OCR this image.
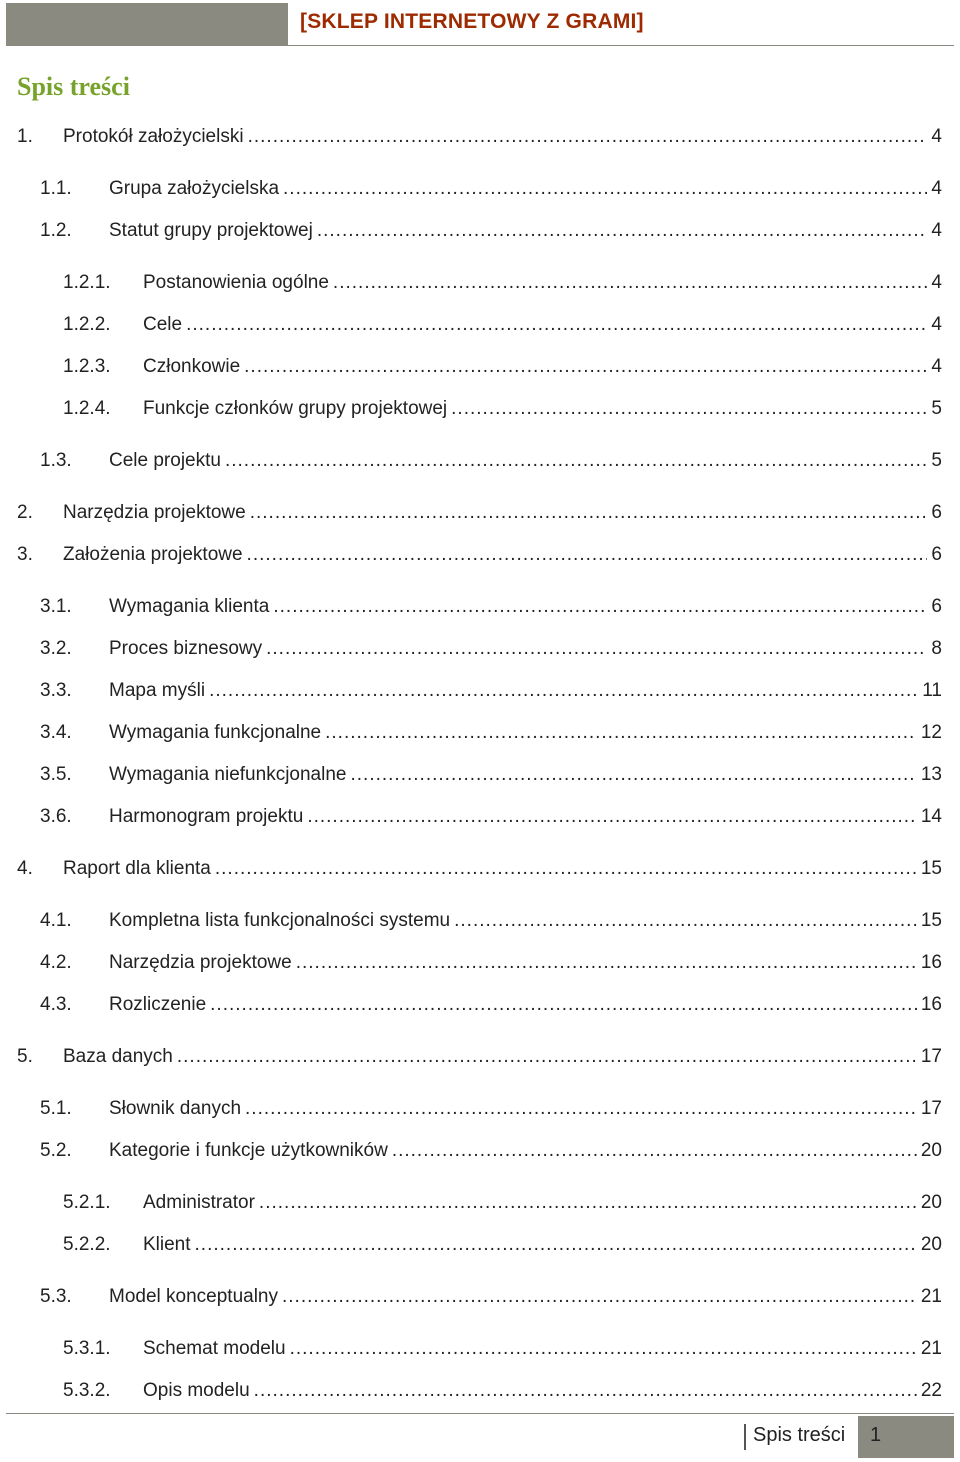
[SKLEP INTERNETOWY Z GRAMI]
Spis treści
1.	Protokół założycielski .....	4
1.1.	Grupa założycielska .....	4
1.2.	Statut grupy projektowej .....	4
1.2.1.	Postanowienia ogólne .....	4
1.2.2.	Cele .....	4
1.2.3.	Członkowie .....	4
1.2.4.	Funkcje członków grupy projektowej .....	5
1.3.	Cele projektu .....	5
2.	Narzędzia projektowe .....	6
3.	Założenia projektowe .....	6
3.1.	Wymagania klienta .....	6
3.2.	Proces biznesowy .....	8
3.3.	Mapa myśli .....	11
3.4.	Wymagania funkcjonalne .....	12
3.5.	Wymagania niefunkcjonalne .....	13
3.6.	Harmonogram projektu .....	14
4.	Raport dla klienta .....	15
4.1.	Kompletna lista funkcjonalności systemu .....	15
4.2.	Narzędzia projektowe .....	16
4.3.	Rozliczenie .....	16
5.	Baza danych .....	17
5.1.	Słownik danych .....	17
5.2.	Kategorie i funkcje użytkowników .....	20
5.2.1.	Administrator .....	20
5.2.2.	Klient .....	20
5.3.	Model konceptualny .....	21
5.3.1.	Schemat modelu .....	21
5.3.2.	Opis modelu .....	22
Spis treści 1
